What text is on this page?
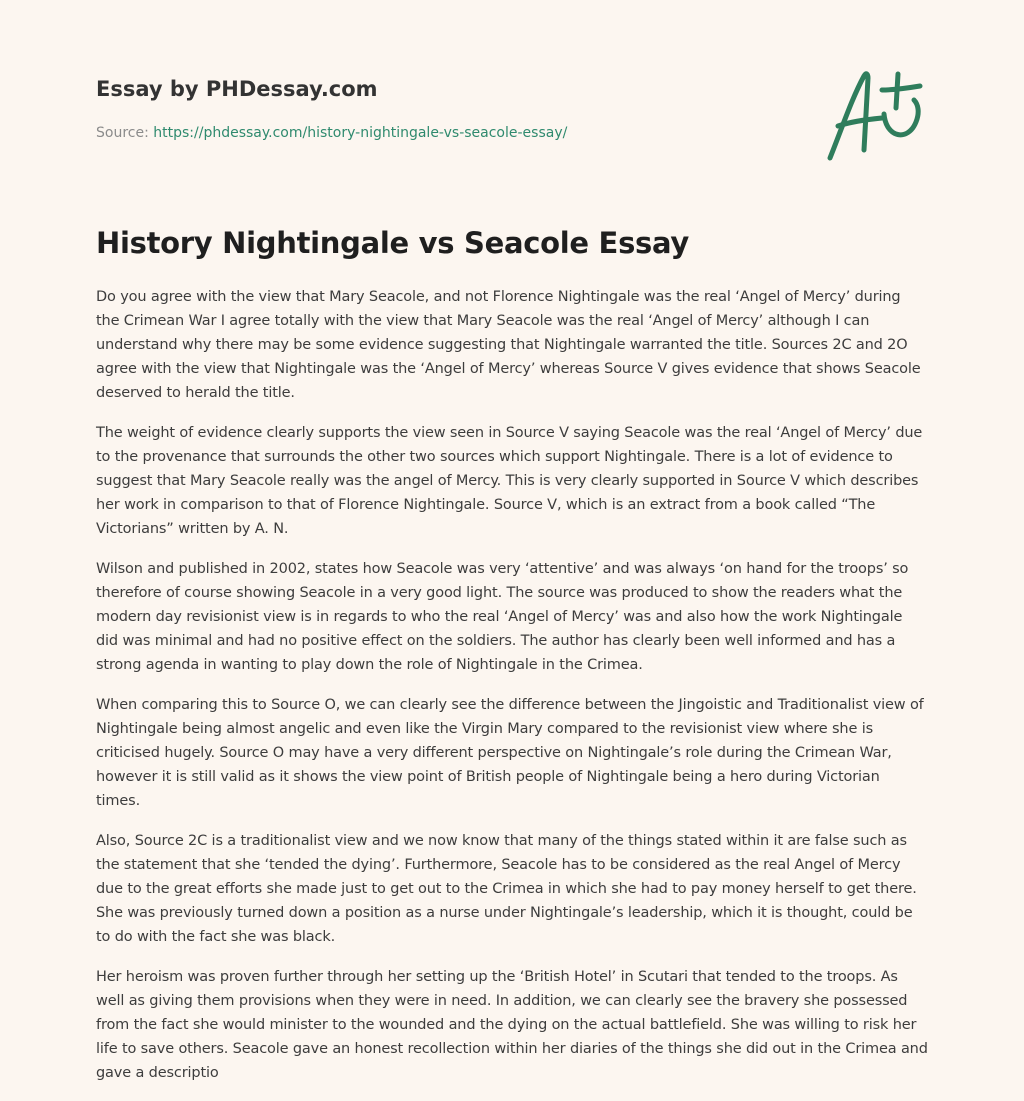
Essay by PHDessay.com
Source: https://phdessay.com/history-nightingale-vs-seacole-essay/
History Nightingale vs Seacole Essay

Do you agree with the view that Mary Seacole, and not Florence Nightingale was the real ‘Angel of Mercy’ during the Crimean War I agree totally with the view that Mary Seacole was the real ‘Angel of Mercy’ although I can understand why there may be some evidence suggesting that Nightingale warranted the title. Sources 2C and 2O agree with the view that Nightingale was the ‘Angel of Mercy’ whereas Source V gives evidence that shows Seacole deserved to herald the title.

The weight of evidence clearly supports the view seen in Source V saying Seacole was the real ‘Angel of Mercy’ due to the provenance that surrounds the other two sources which support Nightingale. There is a lot of evidence to suggest that Mary Seacole really was the angel of Mercy. This is very clearly supported in Source V which describes her work in comparison to that of Florence Nightingale. Source V, which is an extract from a book called “The Victorians” written by A. N.

Wilson and published in 2002, states how Seacole was very ‘attentive’ and was always ‘on hand for the troops’ so therefore of course showing Seacole in a very good light. The source was produced to show the readers what the modern day revisionist view is in regards to who the real ‘Angel of Mercy’ was and also how the work Nightingale did was minimal and had no positive effect on the soldiers. The author has clearly been well informed and has a strong agenda in wanting to play down the role of Nightingale in the Crimea.

When comparing this to Source O, we can clearly see the difference between the Jingoistic and Traditionalist view of Nightingale being almost angelic and even like the Virgin Mary compared to the revisionist view where she is criticised hugely. Source O may have a very different perspective on Nightingale’s role during the Crimean War, however it is still valid as it shows the view point of British people of Nightingale being a hero during Victorian times.

Also, Source 2C is a traditionalist view and we now know that many of the things stated within it are false such as the statement that she ‘tended the dying’. Furthermore, Seacole has to be considered as the real Angel of Mercy due to the great efforts she made just to get out to the Crimea in which she had to pay money herself to get there. She was previously turned down a position as a nurse under Nightingale’s leadership, which it is thought, could be to do with the fact she was black.

Her heroism was proven further through her setting up the ‘British Hotel’ in Scutari that tended to the troops. As well as giving them provisions when they were in need. In addition, we can clearly see the bravery she possessed from the fact she would minister to the wounded and the dying on the actual battlefield. She was willing to risk her life to save others. Seacole gave an honest recollection within her diaries of the things she did out in the Crimea and gave a descriptio
